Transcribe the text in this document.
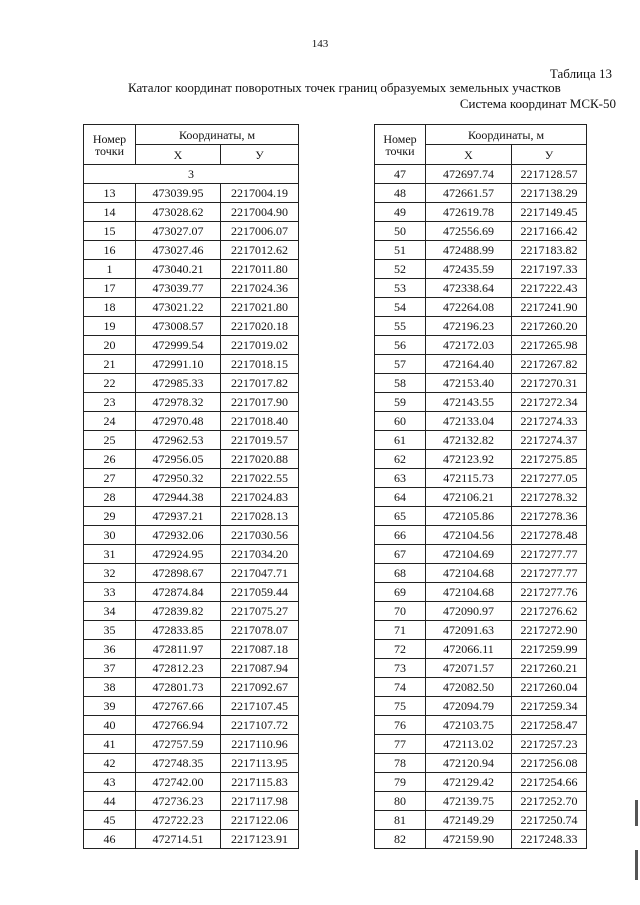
143
Таблица 13
Каталог координат поворотных точек границ образуемых земельных участков
Система координат МСК-50
Номер точки	Координаты, м	
	X	У
3		
13	473039.95	2217004.19
14	473028.62	2217004.90
15	473027.07	2217006.07
16	473027.46	2217012.62
1	473040.21	2217011.80
17	473039.77	2217024.36
18	473021.22	2217021.80
19	473008.57	2217020.18
20	472999.54	2217019.02
21	472991.10	2217018.15
22	472985.33	2217017.82
23	472978.32	2217017.90
24	472970.48	2217018.40
25	472962.53	2217019.57
26	472956.05	2217020.88
27	472950.32	2217022.55
28	472944.38	2217024.83
29	472937.21	2217028.13
30	472932.06	2217030.56
31	472924.95	2217034.20
32	472898.67	2217047.71
33	472874.84	2217059.44
34	472839.82	2217075.27
35	472833.85	2217078.07
36	472811.97	2217087.18
37	472812.23	2217087.94
38	472801.73	2217092.67
39	472767.66	2217107.45
40	472766.94	2217107.72
41	472757.59	2217110.96
42	472748.35	2217113.95
43	472742.00	2217115.83
44	472736.23	2217117.98
45	472722.23	2217122.06
46	472714.51	2217123.91
Номер точки	Координаты, м	
	X	У
47	472697.74	2217128.57
48	472661.57	2217138.29
49	472619.78	2217149.45
50	472556.69	2217166.42
51	472488.99	2217183.82
52	472435.59	2217197.33
53	472338.64	2217222.43
54	472264.08	2217241.90
55	472196.23	2217260.20
56	472172.03	2217265.98
57	472164.40	2217267.82
58	472153.40	2217270.31
59	472143.55	2217272.34
60	472133.04	2217274.33
61	472132.82	2217274.37
62	472123.92	2217275.85
63	472115.73	2217277.05
64	472106.21	2217278.32
65	472105.86	2217278.36
66	472104.56	2217278.48
67	472104.69	2217277.77
68	472104.68	2217277.77
69	472104.68	2217277.76
70	472090.97	2217276.62
71	472091.63	2217272.90
72	472066.11	2217259.99
73	472071.57	2217260.21
74	472082.50	2217260.04
75	472094.79	2217259.34
76	472103.75	2217258.47
77	472113.02	2217257.23
78	472120.94	2217256.08
79	472129.42	2217254.66
80	472139.75	2217252.70
81	472149.29	2217250.74
82	472159.90	2217248.33
